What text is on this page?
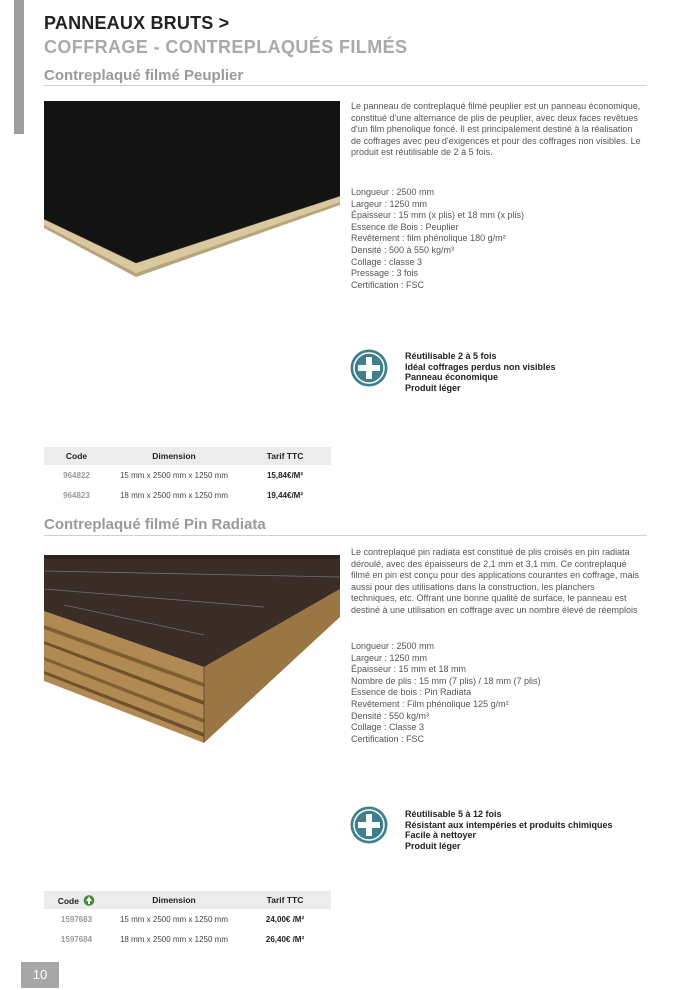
PANNEAUX BRUTS >
COFFRAGE - CONTREPLAQUÉS FILMÉS
Contreplaqué filmé Peuplier
Le panneau de contreplaqué filmé peuplier est un panneau économique, constitué d'une alternance de plis de peuplier, avec deux faces revêtues d'un film phenolique foncé. Il est principalement destiné à la réalisation de coffrages avec peu d'exigences et pour des coffrages non visibles. Le produit est réutilisable de 2 à 5 fois.
Longueur : 2500 mm
Largeur : 1250 mm
Épaisseur : 15 mm (x plis) et 18 mm (x plis)
Essence de Bois : Peuplier
Revêtement : film phénolique 180 g/m²
Densité : 500 à 550 kg/m³
Collage : classe 3
Pressage : 3 fois
Certification : FSC
Réutilisable 2 à 5 fois
Idéal coffrages perdus non visibles
Panneau économique
Produit léger
Code	Dimension	Tarif TTC
964822	15 mm x 2500 mm x 1250 mm	15,84€/M²
964823	18 mm x 2500 mm x 1250 mm	19,44€/M²
Contreplaqué filmé Pin Radiata
Le contreplaqué pin radiata est constitué de plis croisés en pin radiata déroulé, avec des épaisseurs de 2,1 mm et 3,1 mm. Ce contreplaqué filmé en pin est conçu pour des applications courantes en coffrage, mais aussi pour des utilisations dans la construction, les planchers techniques, etc. Offrant une bonne qualité de surface, le panneau est destiné à une utilisation en coffrage avec un nombre élevé de réemplois
Longueur : 2500 mm
Largeur : 1250 mm
Épaisseur : 15 mm et 18 mm
Nombre de plis : 15 mm (7 plis) / 18 mm (7 plis)
Essence de bois : Pin Radiata
Revêtement : Film phénolique 125 g/m²
Densité : 550 kg/m³
Collage : Classe 3
Certification : FSC
Réutilisable 5 à 12 fois
Résistant aux intempéries et produits chimiques
Facile à nettoyer
Produit léger
Code	Dimension	Tarif TTC
1597683	15 mm x 2500 mm x 1250 mm	24,00€ /M²
1597684	18 mm x 2500 mm x 1250 mm	26,40€ /M²
10
